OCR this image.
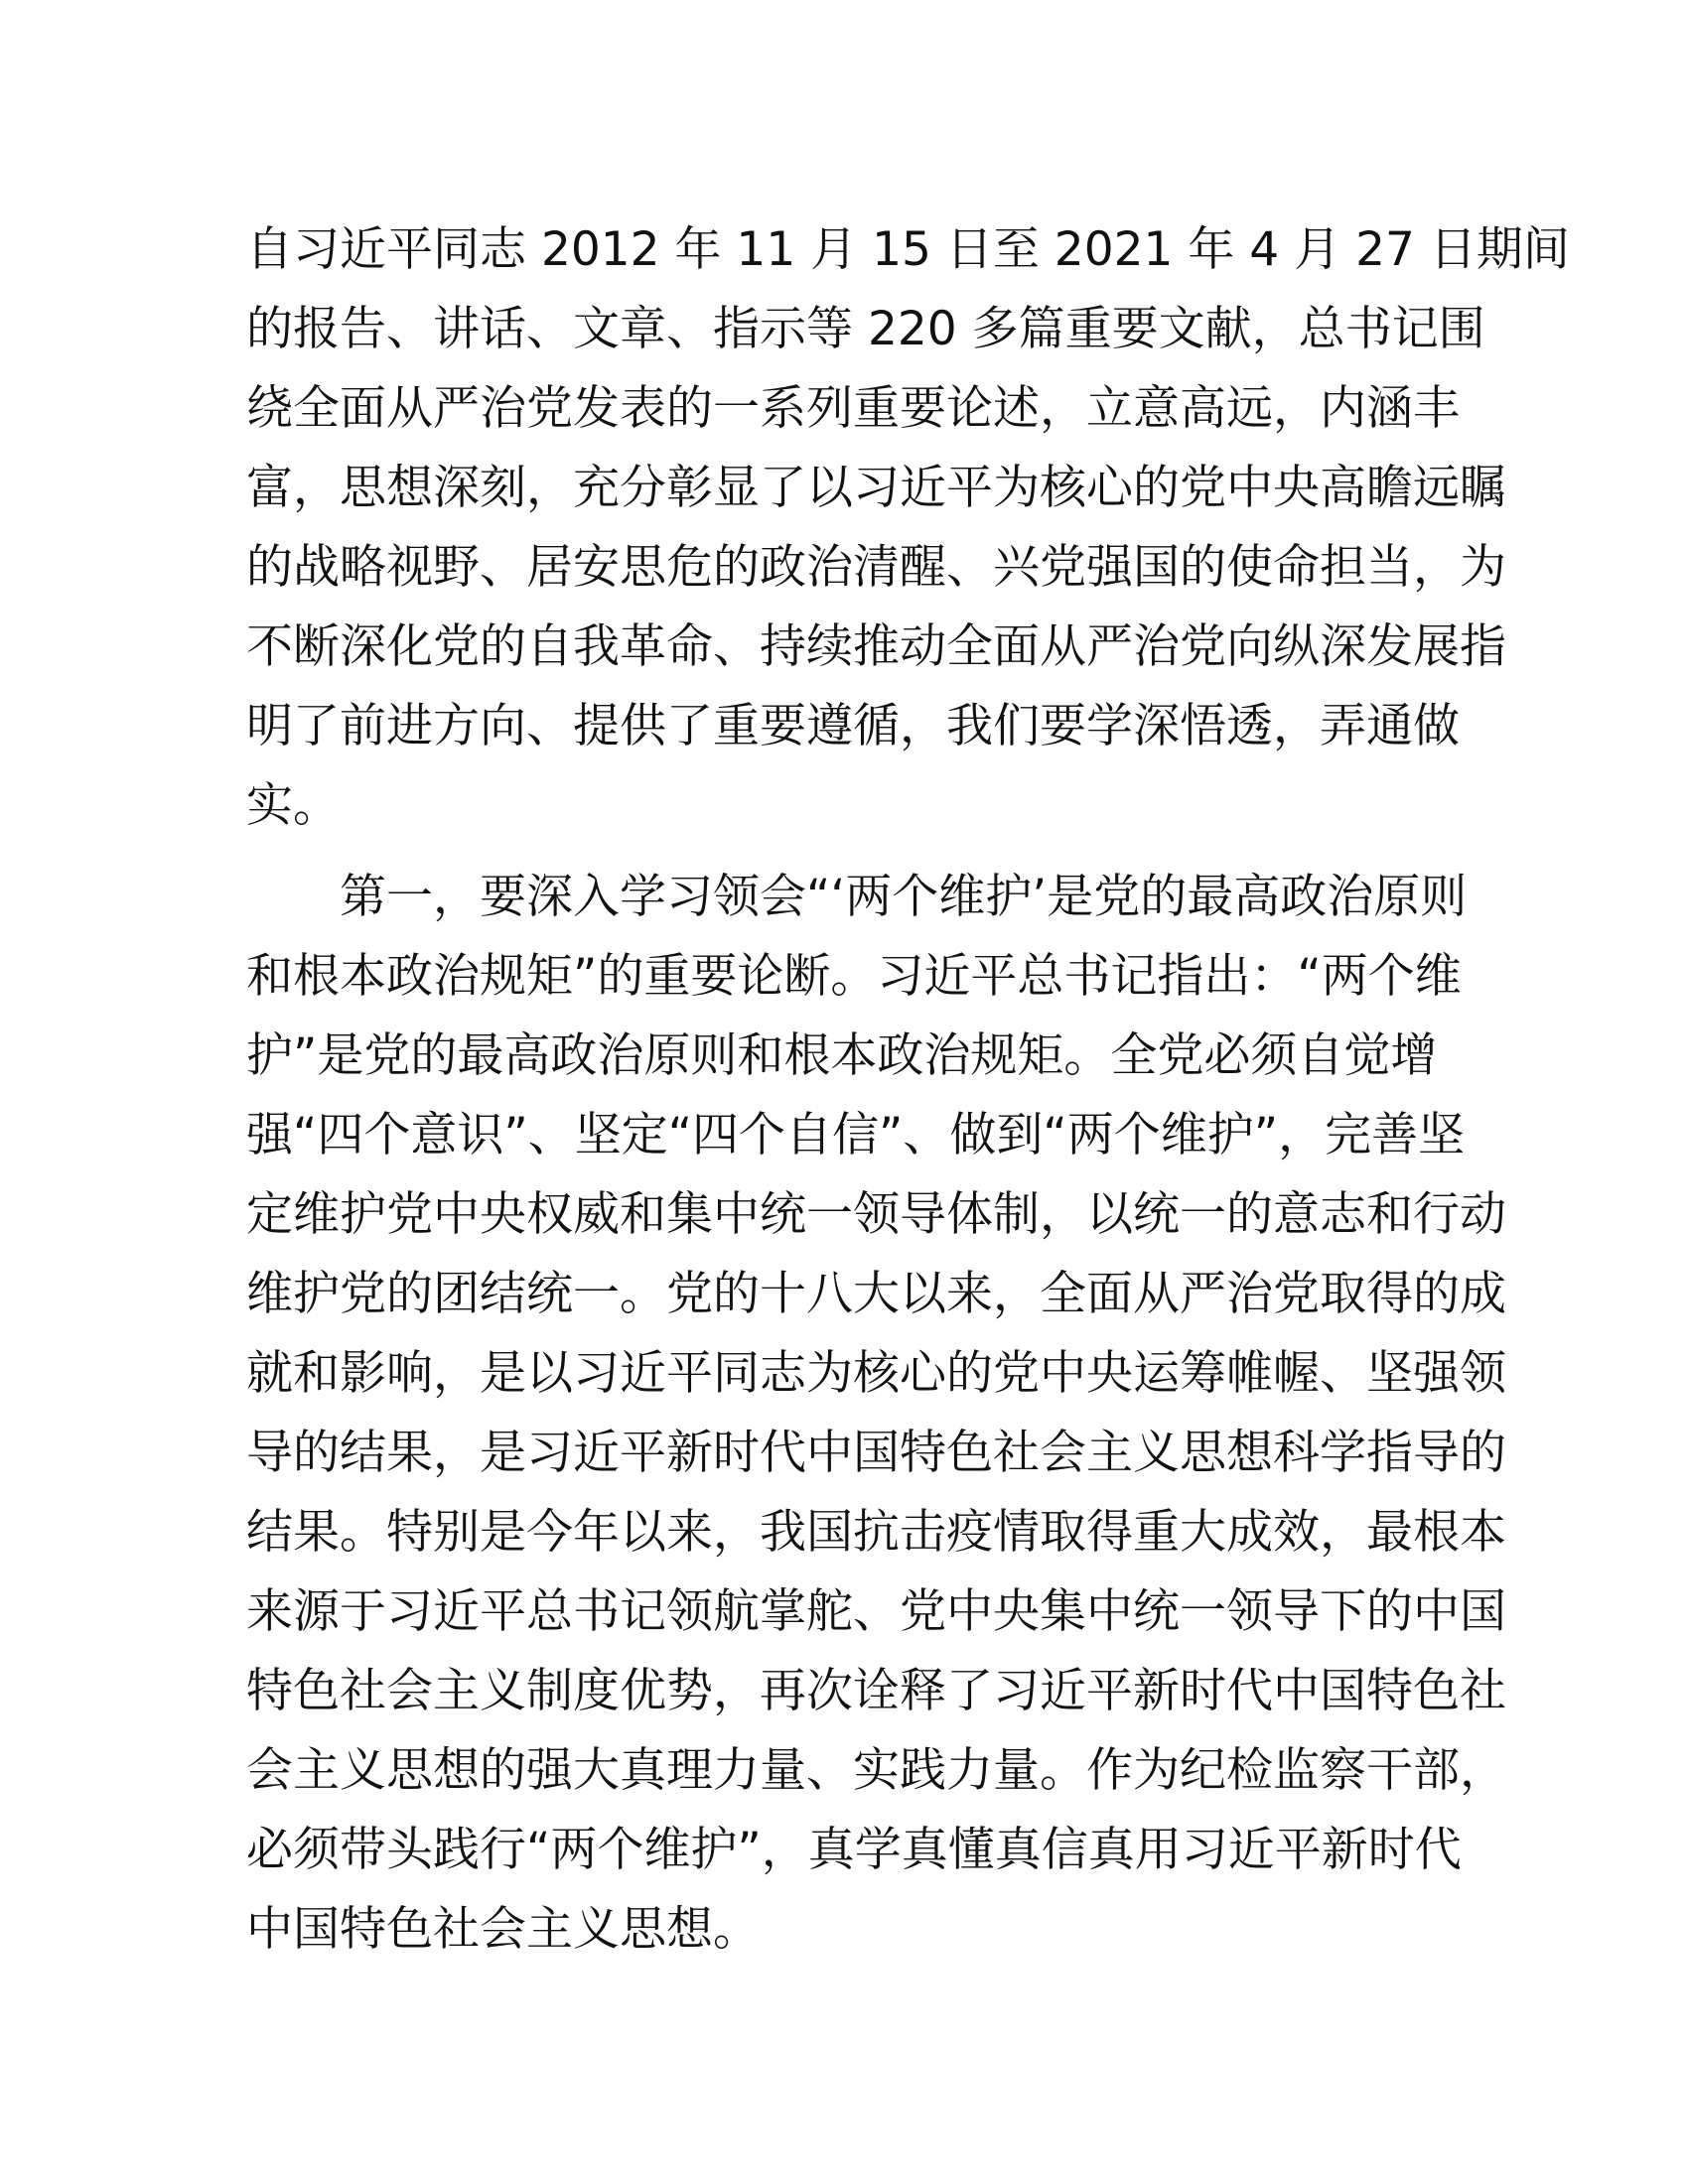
自习近平同志 2012 年 11 月 15 日至 2021 年 4 月 27 日期间
的报告、讲话、文章、指示等 220 多篇重要文献，总书记围
绕全面从严治党发表的一系列重要论述，立意高远，内涵丰
富，思想深刻，充分彰显了以习近平为核心的党中央高瞻远瞩
的战略视野、居安思危的政治清醒、兴党强国的使命担当，为
不断深化党的自我革命、持续推动全面从严治党向纵深发展指
明了前进方向、提供了重要遵循，我们要学深悟透，弄通做
实。
　　第一，要深入学习领会“‘两个维护’是党的最高政治原则
和根本政治规矩”的重要论断。习近平总书记指出：“两个维
护”是党的最高政治原则和根本政治规矩。全党必须自觉增
强“四个意识”、坚定“四个自信”、做到“两个维护”，完善坚
定维护党中央权威和集中统一领导体制，以统一的意志和行动
维护党的团结统一。党的十八大以来，全面从严治党取得的成
就和影响，是以习近平同志为核心的党中央运筹帷幄、坚强领
导的结果，是习近平新时代中国特色社会主义思想科学指导的
结果。特别是今年以来，我国抗击疫情取得重大成效，最根本
来源于习近平总书记领航掌舵、党中央集中统一领导下的中国
特色社会主义制度优势，再次诠释了习近平新时代中国特色社
会主义思想的强大真理力量、实践力量。作为纪检监察干部，
必须带头践行“两个维护”，真学真懂真信真用习近平新时代
中国特色社会主义思想。
